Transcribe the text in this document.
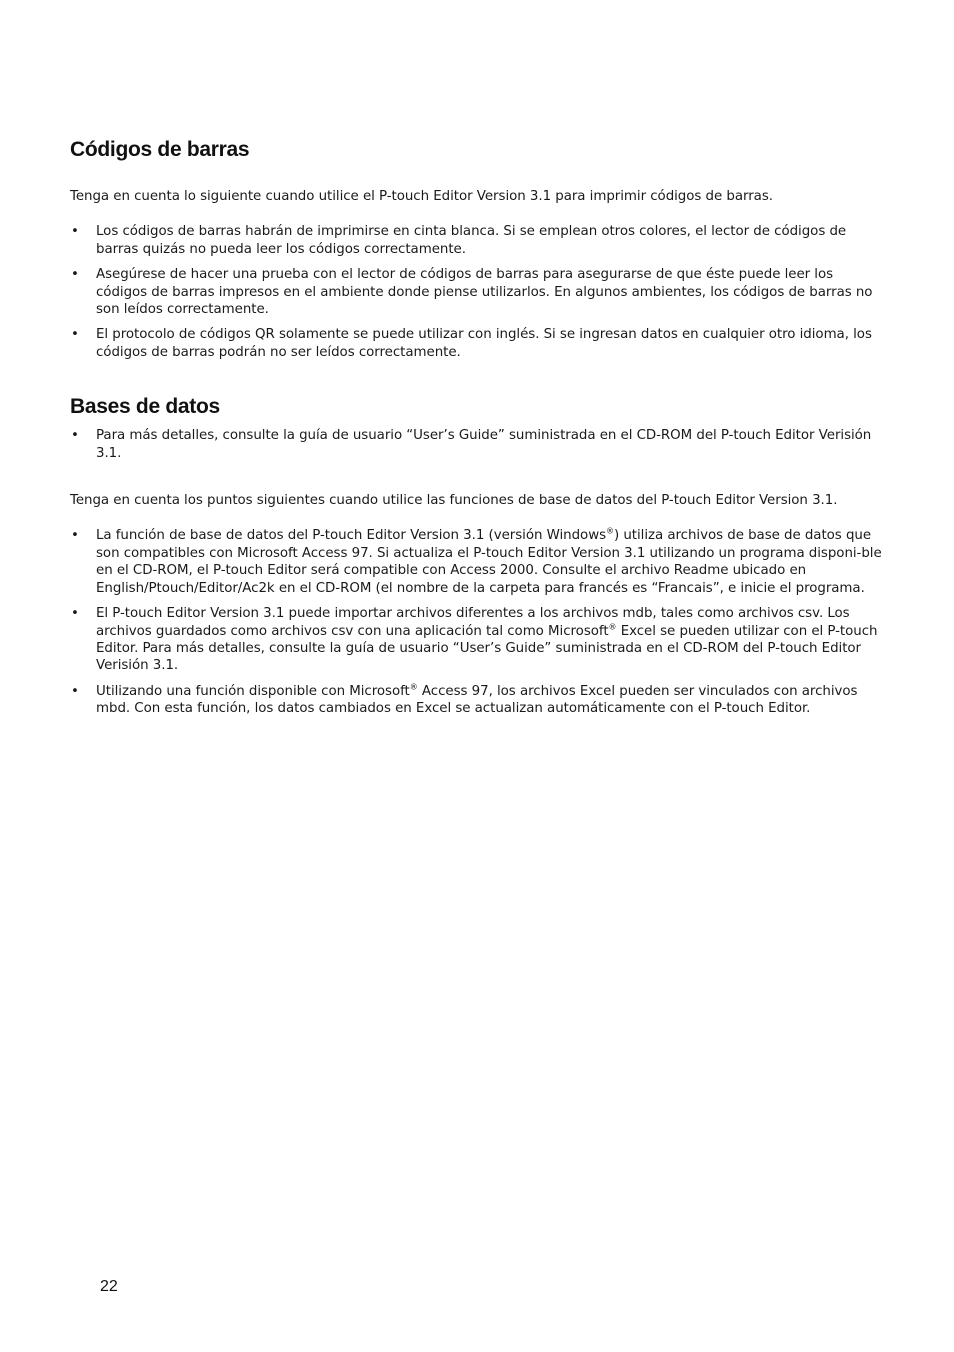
Códigos de barras

Tenga en cuenta lo siguiente cuando utilice el P-touch Editor Version 3.1 para imprimir códigos de barras.

• Los códigos de barras habrán de imprimirse en cinta blanca. Si se emplean otros colores, el lector de códigos de barras quizás no pueda leer los códigos correctamente.
• Asegúrese de hacer una prueba con el lector de códigos de barras para asegurarse de que éste puede leer los códigos de barras impresos en el ambiente donde piense utilizarlos. En algunos ambientes, los códigos de barras no son leídos correctamente.
• El protocolo de códigos QR solamente se puede utilizar con inglés. Si se ingresan datos en cualquier otro idioma, los códigos de barras podrán no ser leídos correctamente.
Bases de datos
• Para más detalles, consulte la guía de usuario “User’s Guide” suministrada en el CD-ROM del P-touch Editor Verisión 3.1.

Tenga en cuenta los puntos siguientes cuando utilice las funciones de base de datos del P-touch Editor Version 3.1.

• La función de base de datos del P-touch Editor Version 3.1 (versión Windows®) utiliza archivos de base de datos que son compatibles con Microsoft Access 97. Si actualiza el P-touch Editor Version 3.1 utilizando un programa disponi-ble en el CD-ROM, el P-touch Editor será compatible con Access 2000. Consulte el archivo Readme ubicado en English/Ptouch/Editor/Ac2k en el CD-ROM (el nombre de la carpeta para francés es “Francais”, e inicie el programa.
• El P-touch Editor Version 3.1 puede importar archivos diferentes a los archivos mdb, tales como archivos csv. Los archivos guardados como archivos csv con una aplicación tal como Microsoft® Excel se pueden utilizar con el P-touch Editor. Para más detalles, consulte la guía de usuario “User’s Guide” suministrada en el CD-ROM del P-touch Editor Verisión 3.1.
• Utilizando una función disponible con Microsoft® Access 97, los archivos Excel pueden ser vinculados con archivos mbd. Con esta función, los datos cambiados en Excel se actualizan automáticamente con el P-touch Editor.
22
